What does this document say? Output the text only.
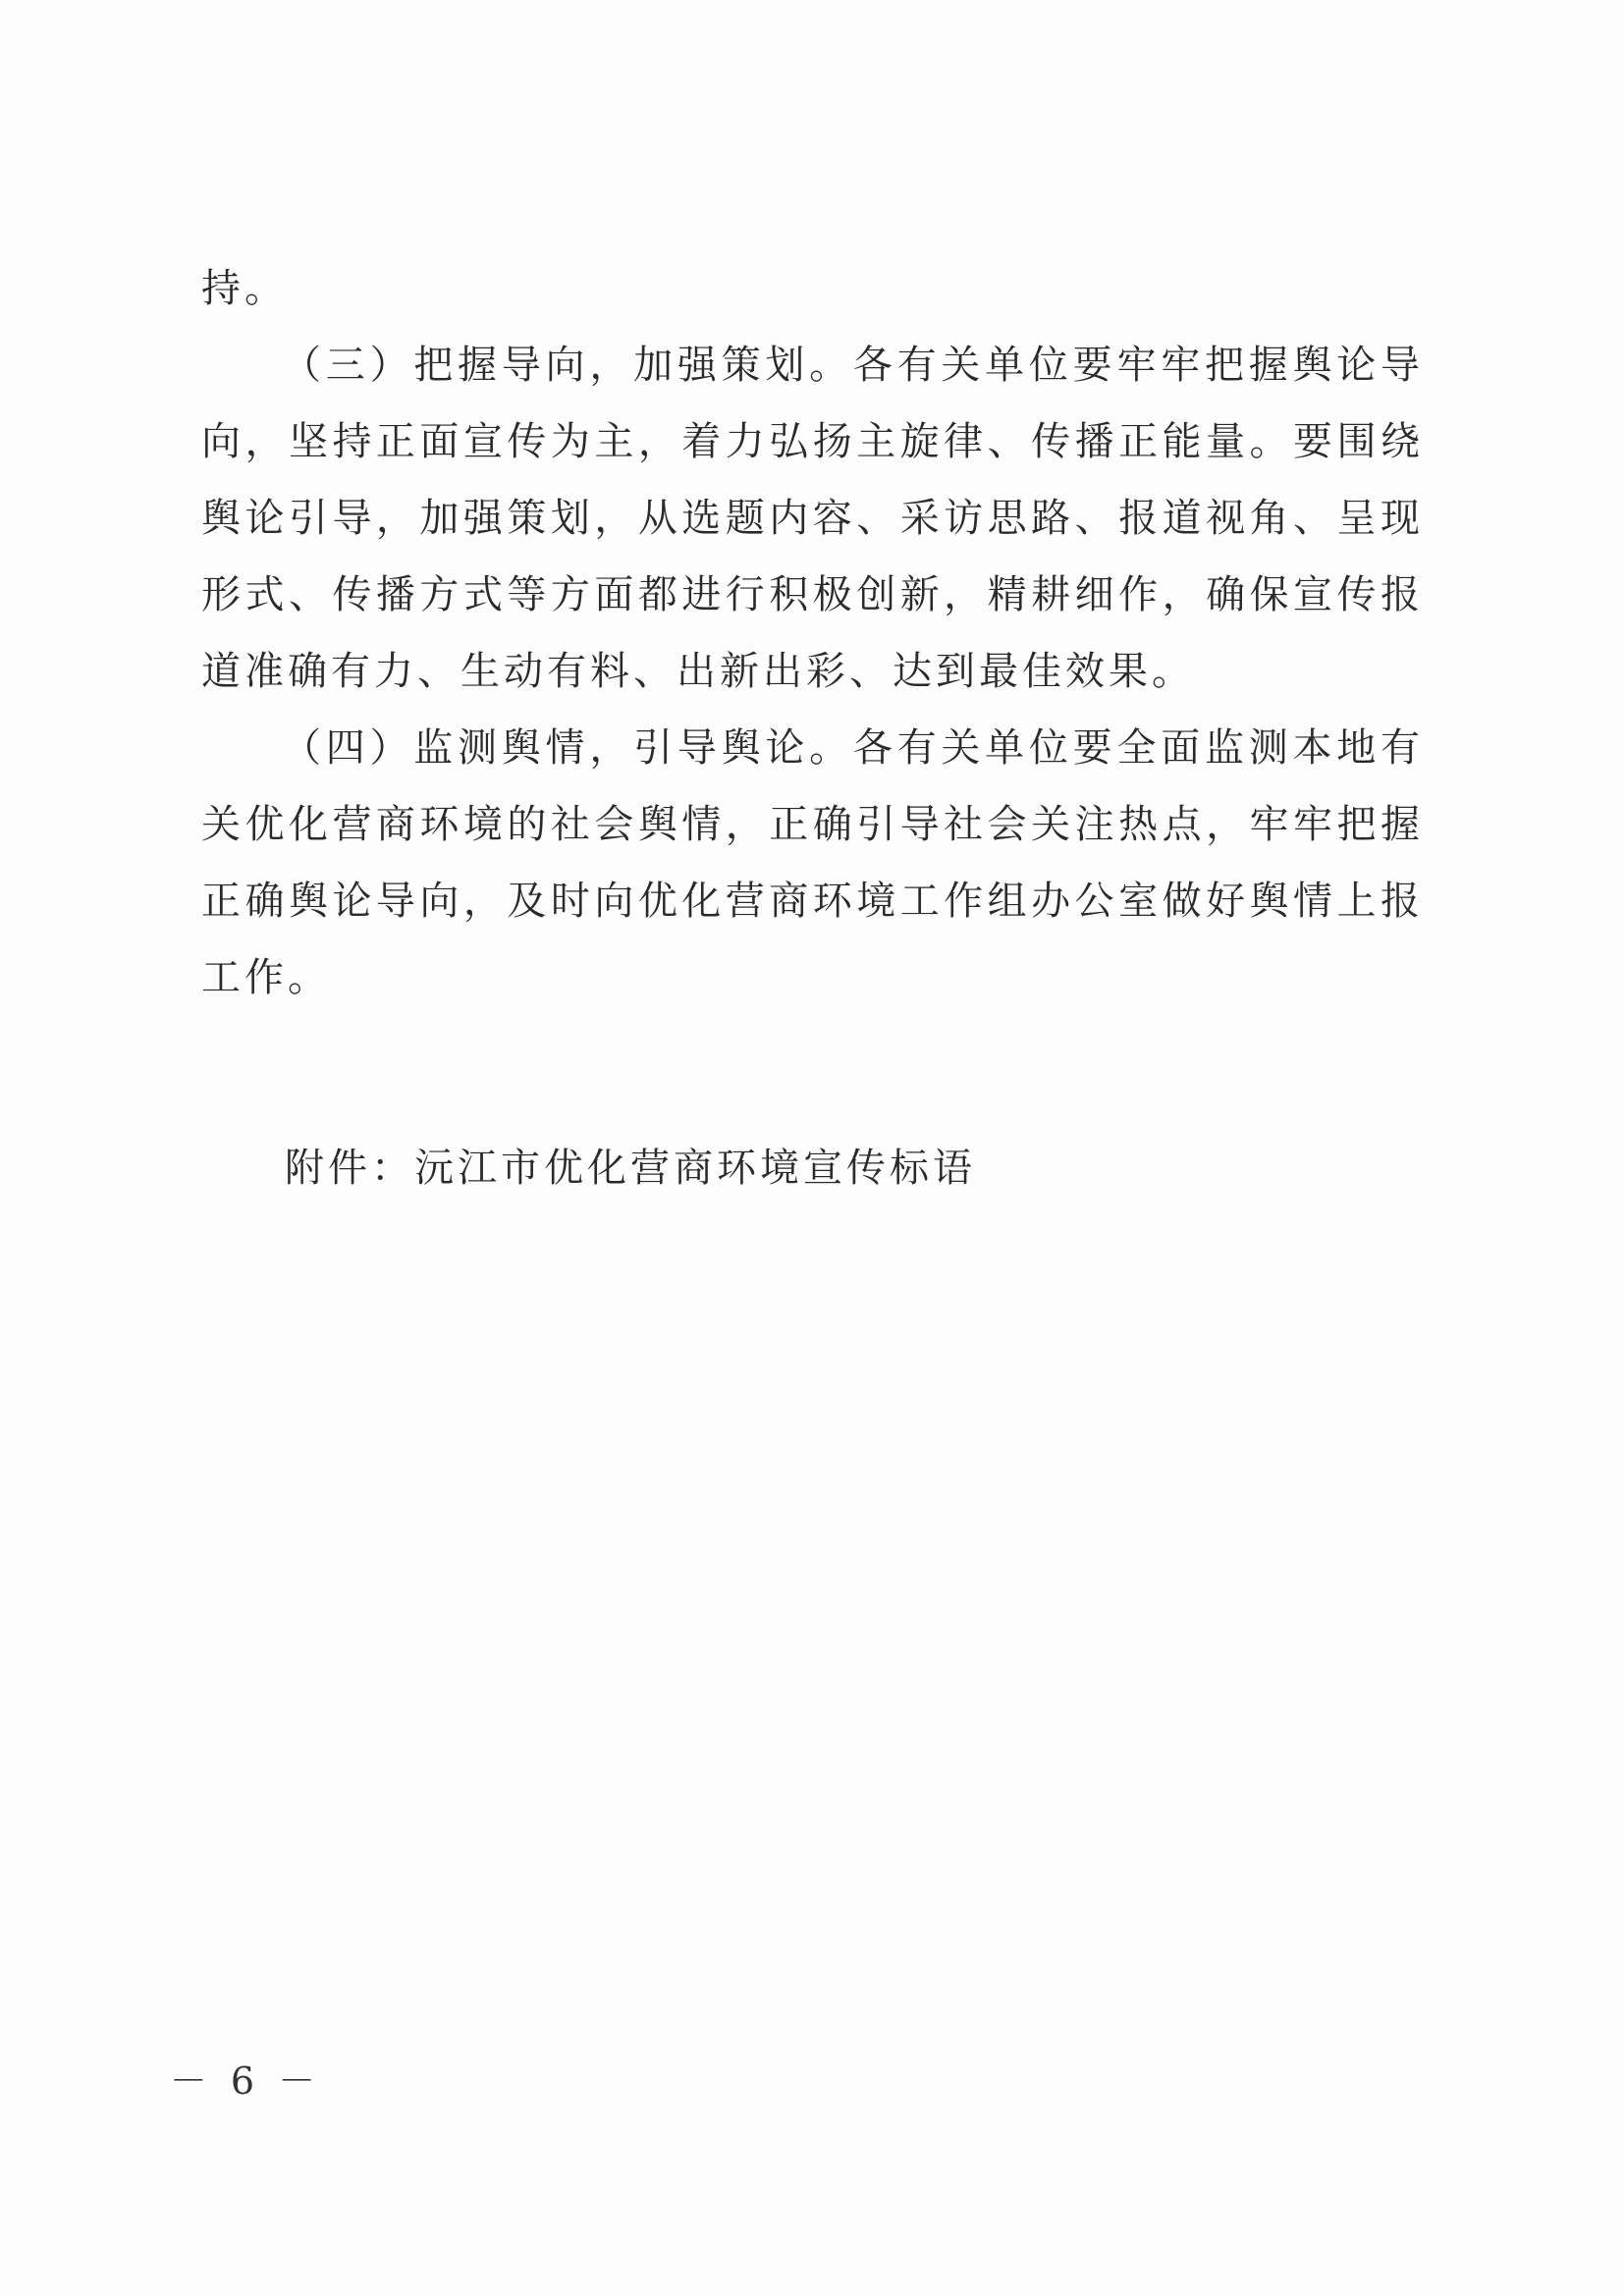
持。

（三）把握导向，加强策划。各有关单位要牢牢把握舆论导向，坚持正面宣传为主，着力弘扬主旋律、传播正能量。要围绕舆论引导，加强策划，从选题内容、采访思路、报道视角、呈现形式、传播方式等方面都进行积极创新，精耕细作，确保宣传报道准确有力、生动有料、出新出彩、达到最佳效果。

（四）监测舆情，引导舆论。各有关单位要全面监测本地有关优化营商环境的社会舆情，正确引导社会关注热点，牢牢把握正确舆论导向，及时向优化营商环境工作组办公室做好舆情上报工作。

附件：沅江市优化营商环境宣传标语

－ 6 －
